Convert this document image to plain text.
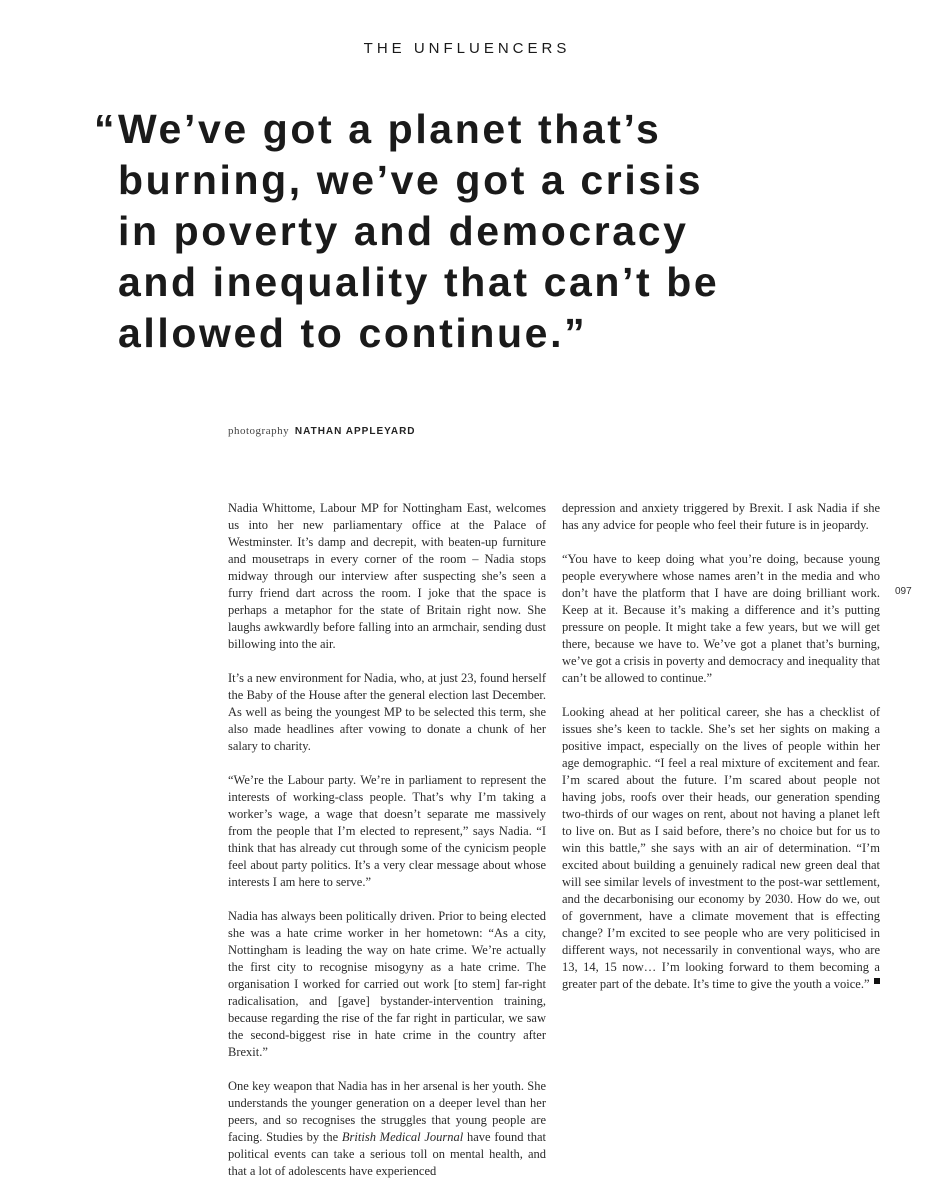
THE UNFLUENCERS
“ We’ve got a planet that’s
burning, we’ve got a crisis
in poverty and democracy
and inequality that can’t be
allowed to continue.”
photography NATHAN APPLEYARD

Nadia Whittome, Labour MP for Nottingham East, welcomes us into her new parliamentary office at the Palace of Westminster. It’s damp and decrepit, with beaten-up furniture and mousetraps in every corner of the room – Nadia stops midway through our interview after suspecting she’s seen a furry friend dart across the room. I joke that the space is perhaps a metaphor for the state of Britain right now. She laughs awkwardly before falling into an armchair, sending dust billowing into the air.

It’s a new environment for Nadia, who, at just 23, found herself the Baby of the House after the general election last December. As well as being the youngest MP to be selected this term, she also made headlines after vowing to donate a chunk of her salary to charity.

“We’re the Labour party. We’re in parliament to represent the interests of working-class people. That’s why I’m taking a worker’s wage, a wage that doesn’t separate me massively from the people that I’m elected to represent,” says Nadia. “I think that has already cut through some of the cynicism people feel about party politics. It’s a very clear message about whose interests I am here to serve.”

Nadia has always been politically driven. Prior to being elected she was a hate crime worker in her hometown: “As a city, Nottingham is leading the way on hate crime. We’re actually the first city to recognise misogyny as a hate crime. The organisation I worked for carried out work [to stem] far-right radicalisation, and [gave] bystander-intervention training, because regarding the rise of the far right in particular, we saw the second-biggest rise in hate crime in the country after Brexit.”

One key weapon that Nadia has in her arsenal is her youth. She understands the younger generation on a deeper level than her peers, and so recognises the struggles that young people are facing. Studies by the British Medical Journal have found that political events can take a serious toll on mental health, and that a lot of adolescents have experienced

depression and anxiety triggered by Brexit. I ask Nadia if she has any advice for people who feel their future is in jeopardy.

“You have to keep doing what you’re doing, because young people everywhere whose names aren’t in the media and who don’t have the platform that I have are doing brilliant work. Keep at it. Because it’s making a difference and it’s putting pressure on people. It might take a few years, but we will get there, because we have to. We’ve got a planet that’s burning, we’ve got a crisis in poverty and democracy and inequality that can’t be allowed to continue.”

Looking ahead at her political career, she has a checklist of issues she’s keen to tackle. She’s set her sights on making a positive impact, especially on the lives of people within her age demographic. “I feel a real mixture of excitement and fear. I’m scared about the future. I’m scared about people not having jobs, roofs over their heads, our generation spending two-thirds of our wages on rent, about not having a planet left to live on. But as I said before, there’s no choice but for us to win this battle,” she says with an air of determination. “I’m excited about building a genuinely radical new green deal that will see similar levels of investment to the post-war settlement, and the decarbonising our economy by 2030. How do we, out of government, have a climate movement that is effecting change? I’m excited to see people who are very politicised in different ways, not necessarily in conventional ways, who are 13, 14, 15 now… I’m looking forward to them becoming a greater part of the debate. It’s time to give the youth a voice.”

097
